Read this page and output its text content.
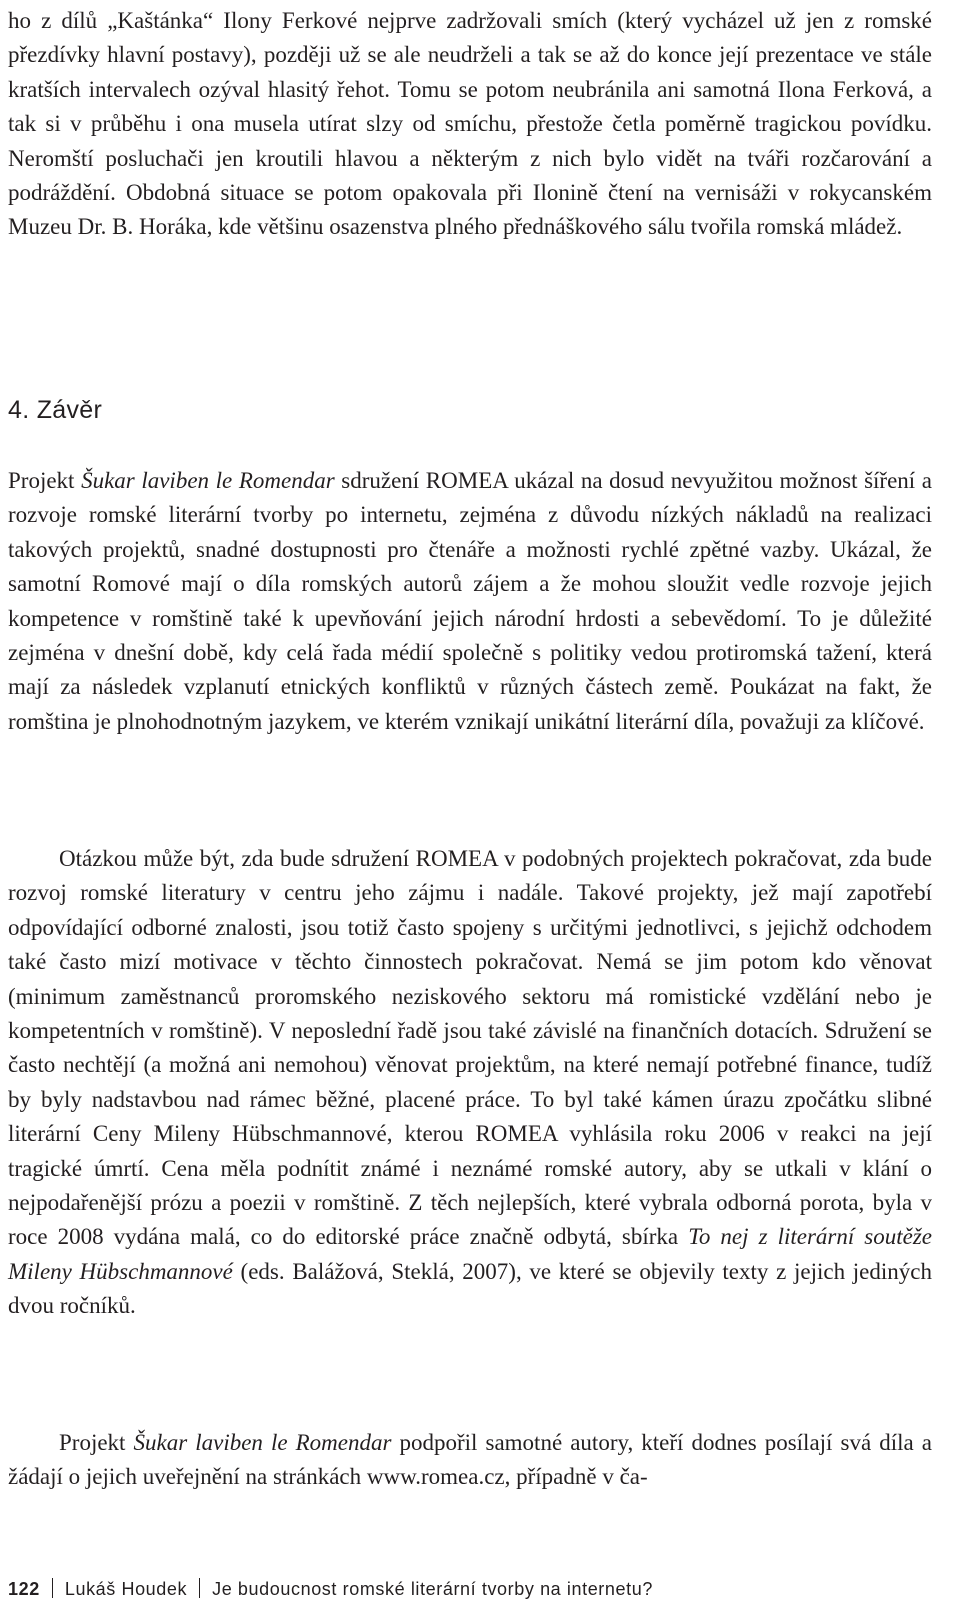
ho z dílů „Kaštánka“ Ilony Ferkové nejprve zadržovali smích (který vycházel už jen z romské přezdívky hlavní postavy), později už se ale neudrželi a tak se až do konce její prezentace ve stále kratších intervalech ozýval hlasitý řehot. Tomu se potom neubránila ani samotná Ilona Ferková, a tak si v průběhu i ona musela utírat slzy od smíchu, přestože četla poměrně tragickou povídku. Neromští posluchači jen kroutili hlavou a některým z nich bylo vidět na tváři rozčarování a podráždění. Obdobná situace se potom opakovala při Ilonině čtení na vernisáži v rokycanském Muzeu Dr. B. Horáka, kde většinu osazenstva plného přednáškového sálu tvořila romská mládež.

4. Závěr

Projekt Šukar laviben le Romendar sdružení ROMEA ukázal na dosud nevyužitou možnost šíření a rozvoje romské literární tvorby po internetu, zejména z důvodu nízkých nákladů na realizaci takových projektů, snadné dostupnosti pro čtenáře a možnosti rychlé zpětné vazby. Ukázal, že samotní Romové mají o díla romských autorů zájem a že mohou sloužit vedle rozvoje jejich kompetence v romštině také k upevňování jejich národní hrdosti a sebevědomí. To je důležité zejména v dnešní době, kdy celá řada médií společně s politiky vedou protiromská tažení, která mají za následek vzplanutí etnických konfliktů v různých částech země. Poukázat na fakt, že romština je plnohodnotným jazykem, ve kterém vznikají unikátní literární díla, považuji za klíčové.

Otázkou může být, zda bude sdružení ROMEA v podobných projektech pokračovat, zda bude rozvoj romské literatury v centru jeho zájmu i nadále. Takové projekty, jež mají zapotřebí odpovídající odborné znalosti, jsou totiž často spojeny s určitými jednotlivci, s jejichž odchodem také často mizí motivace v těchto činnostech pokračovat. Nemá se jim potom kdo věnovat (minimum zaměstnanců proromského neziskového sektoru má romistické vzdělání nebo je kompetentních v romštině). V neposlední řadě jsou také závislé na finančních dotacích. Sdružení se často nechtějí (a možná ani nemohou) věnovat projektům, na které nemají potřebné finance, tudíž by byly nadstavbou nad rámec běžné, placené práce. To byl také kámen úrazu zpočátku slibné literární Ceny Mileny Hübschmannové, kterou ROMEA vyhlásila roku 2006 v reakci na její tragické úmrtí. Cena měla podnítit známé i neznámé romské autory, aby se utkali v klání o nejpodařenější prózu a poezii v romštině. Z těch nejlepších, které vybrala odborná porota, byla v roce 2008 vydána malá, co do editorské práce značně odbytá, sbírka To nej z literární soutěže Mileny Hübschmannové (eds. Balážová, Steklá, 2007), ve které se objevily texty z jejich jediných dvou ročníků.

Projekt Šukar laviben le Romendar podpořil samotné autory, kteří dodnes posílají svá díla a žádají o jejich uveřejnění na stránkách www.romea.cz, případně v ča-

122 Lukáš Houdek Je budoucnost romské literární tvorby na internetu?
